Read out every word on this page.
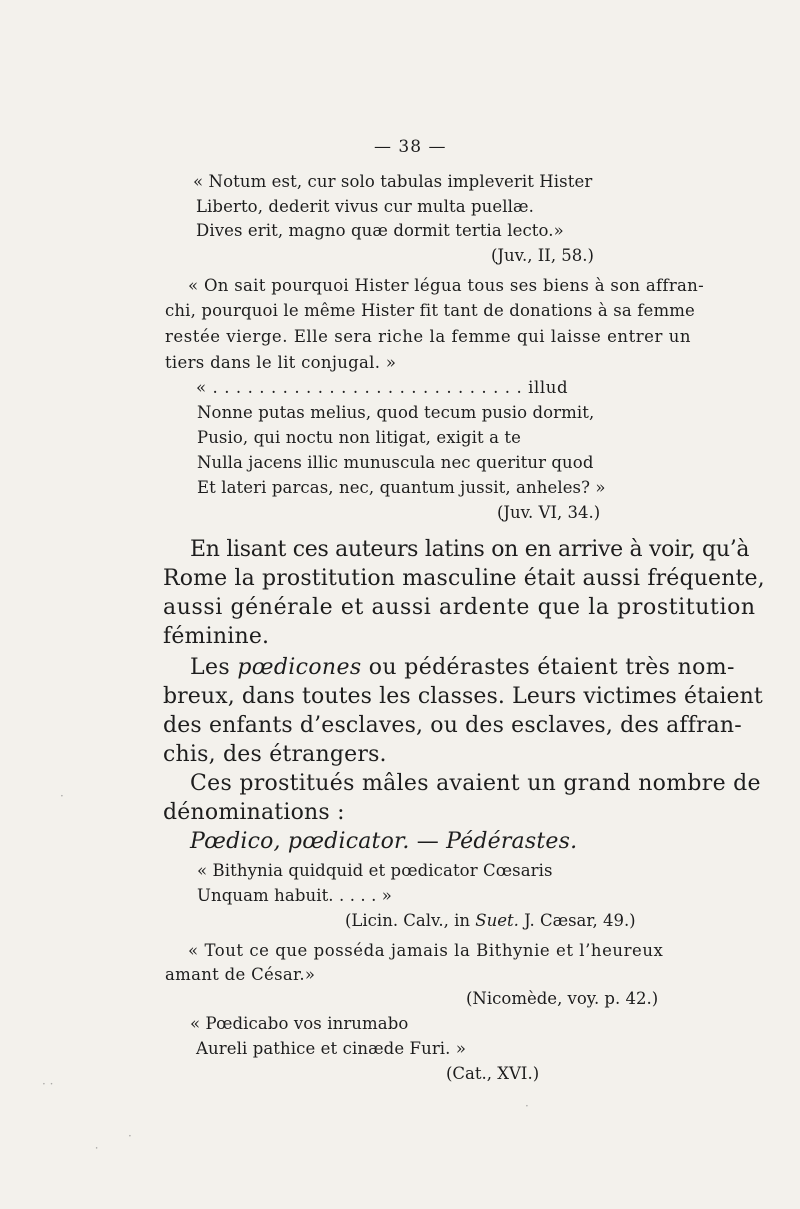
— 38 —
« Notum est, cur solo tabulas impleverit Hister
Liberto, dederit vivus cur multa puellæ.
Dives erit, magno quæ dormit tertia lecto.»
(Juv., II, 58.)
« On sait pourquoi Hister légua tous ses biens à son affran-
chi, pourquoi le même Hister fit tant de donations à sa femme
restée vierge. Elle sera riche la femme qui laisse entrer un
tiers dans le lit conjugal. »
« . . . . . . . . . . . . . . . . . . . . . . . . . . . illud
Nonne putas melius, quod tecum pusio dormit,
Pusio, qui noctu non litigat, exigit a te
Nulla jacens illic munuscula nec queritur quod
Et lateri parcas, nec, quantum jussit, anheles? »
(Juv. VI, 34.)
En lisant ces auteurs latins on en arrive à voir, qu’à
Rome la prostitution masculine était aussi fréquente,
aussi générale et aussi ardente que la prostitution
féminine.
Les pœdicones ou pédérastes étaient très nom-
breux, dans toutes les classes. Leurs victimes étaient
des enfants d’esclaves, ou des esclaves, des affran-
chis, des étrangers.
Ces prostitués mâles avaient un grand nombre de
dénominations :
Pœdico, pœdicator. — Pédérastes.
« Bithynia quidquid et pœdicator Cœsaris
Unquam habuit. . . . . »
(Licin. Calv., in Suet. J. Cæsar, 49.)
« Tout ce que posséda jamais la Bithynie et l’heureux
amant de César.»
(Nicomède, voy. p. 42.)
« Pœdicabo vos inrumabo
Aureli pathice et cinæde Furi. »
(Cat., XVI.)
· ·
⸳
·
·
·
